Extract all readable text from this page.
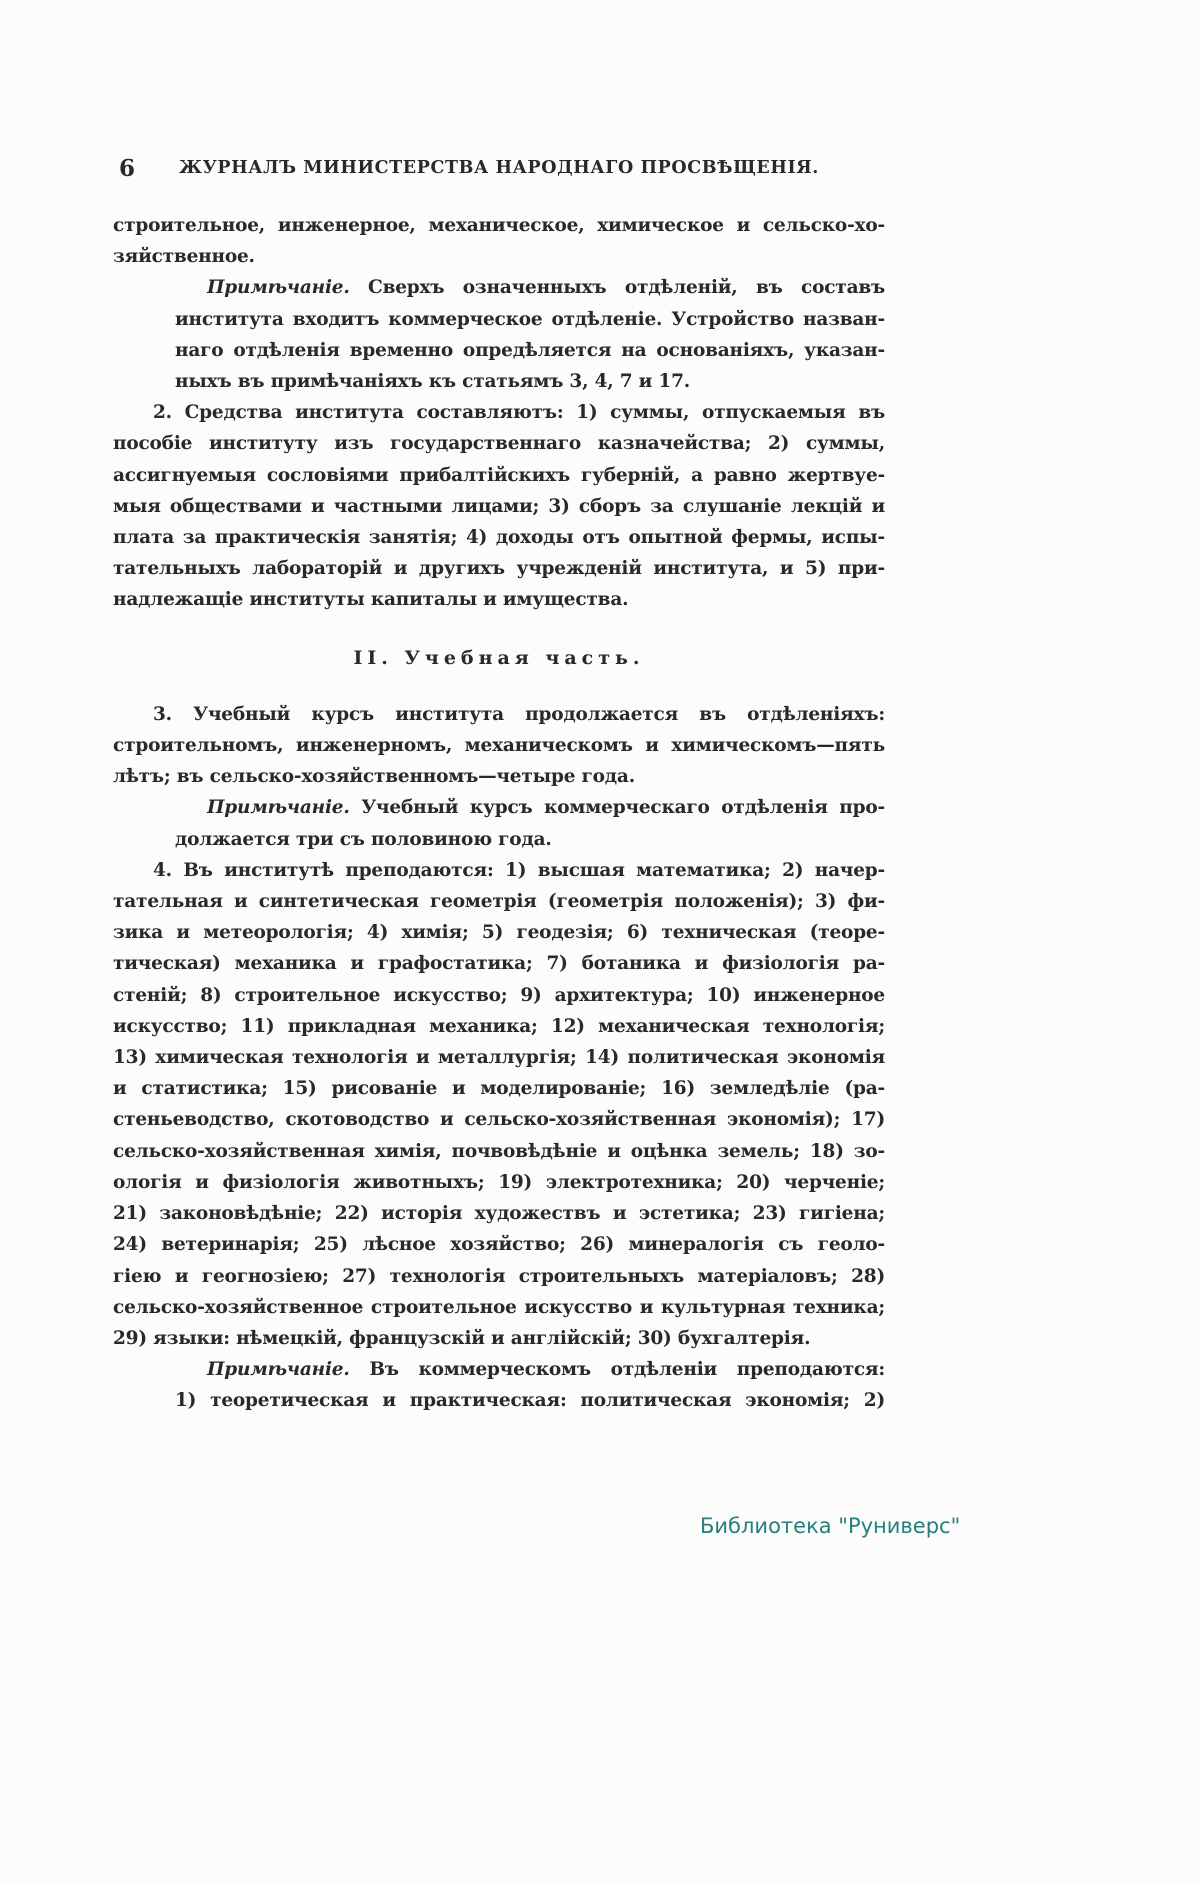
6	ЖУРНАЛЪ МИНИСТЕРСТВА НАРОДНАГО ПРОСВѢЩЕНІЯ.
строительное, инженерное, механическое, химическое и сельско-хо-
зяйственное.
Примѣчаніе. Сверхъ означенныхъ отдѣленій, въ составъ
института входитъ коммерческое отдѣленіе. Устройство назван-
наго отдѣленія временно опредѣляется на основаніяхъ, указан-
ныхъ въ примѣчаніяхъ къ статьямъ 3, 4, 7 и 17.
2. Средства института составляютъ: 1) суммы, отпускаемыя въ
пособіе институту изъ государственнаго казначейства; 2) суммы,
ассигнуемыя сословіями прибалтійскихъ губерній, а равно жертвуе-
мыя обществами и частными лицами; 3) сборъ за слушаніе лекцій и
плата за практическія занятія; 4) доходы отъ опытной фермы, испы-
тательныхъ лабораторій и другихъ учрежденій института, и 5) при-
надлежащіе институты капиталы и имущества.
II. Учебная часть.
3. Учебный курсъ института продолжается въ отдѣленіяхъ:
строительномъ, инженерномъ, механическомъ и химическомъ—пять
лѣтъ; въ сельско-хозяйственномъ—четыре года.
Примѣчаніе. Учебный курсъ коммерческаго отдѣленія про-
должается три съ половиною года.
4. Въ институтѣ преподаются: 1) высшая математика; 2) начер-
тательная и синтетическая геометрія (геометрія положенія); 3) фи-
зика и метеорологія; 4) химія; 5) геодезія; 6) техническая (теоре-
тическая) механика и графостатика; 7) ботаника и физіологія ра-
стеній; 8) строительное искусство; 9) архитектура; 10) инженерное
искусство; 11) прикладная механика; 12) механическая технологія;
13) химическая технологія и металлургія; 14) политическая экономія
и статистика; 15) рисованіе и моделированіе; 16) земледѣліе (ра-
стеньеводство, скотоводство и сельско-хозяйственная экономія); 17)
сельско-хозяйственная химія, почвовѣдѣніе и оцѣнка земель; 18) зо-
ологія и физіологія животныхъ; 19) электротехника; 20) черченіе;
21) законовѣдѣніе; 22) исторія художествъ и эстетика; 23) гигіена;
24) ветеринарія; 25) лѣсное хозяйство; 26) минералогія съ геоло-
гіею и геогнозіею; 27) технологія строительныхъ матеріаловъ; 28)
сельско-хозяйственное строительное искусство и культурная техника;
29) языки: нѣмецкій, французскій и англійскій; 30) бухгалтерія.
Примѣчаніе. Въ коммерческомъ отдѣленіи преподаются:
1) теоретическая и практическая: политическая экономія; 2)
Библиотека "Руниверс"
